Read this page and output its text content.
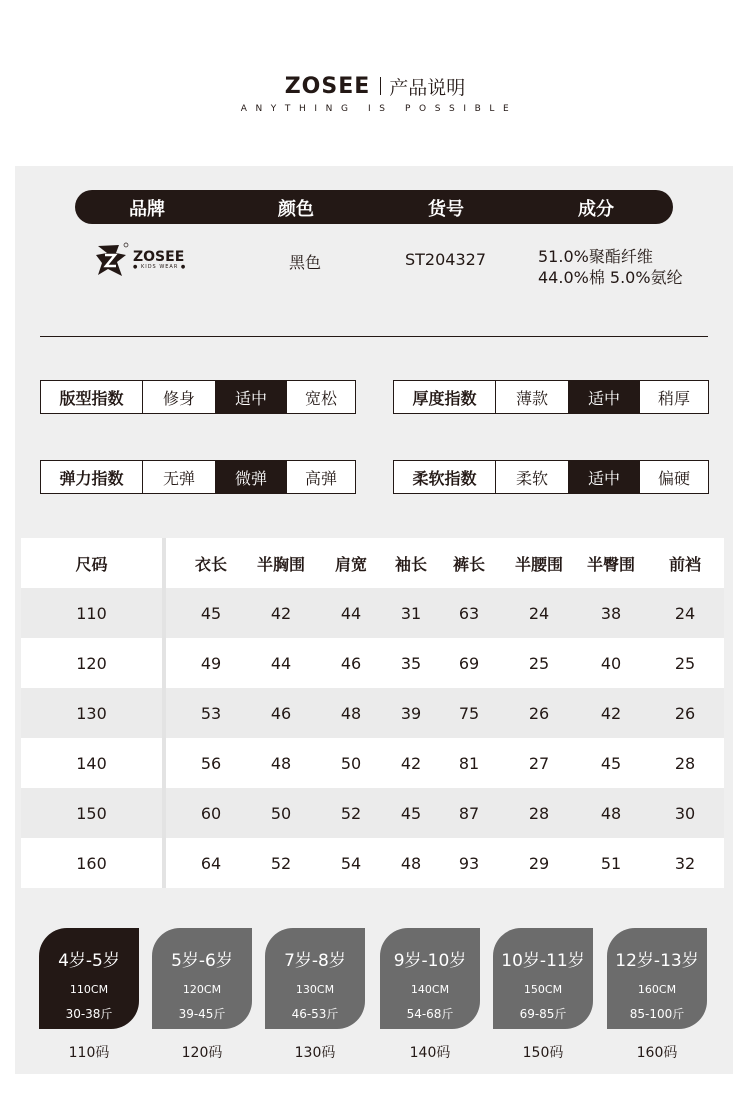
ZOSEE 产品说明
ANYTHING IS POSSIBLE
品牌	颜色	货号	成分
ZOSEE
● KIDS WEAR ●	黑色	ST204327	51.0%聚酯纤维
44.0%棉 5.0%氨纶
版型指数	修身	适中	宽松	厚度指数	薄款	适中	稍厚
弹力指数	无弹	微弹	高弹	柔软指数	柔软	适中	偏硬
尺码	衣长	半胸围	肩宽	袖长	裤长	半腰围	半臀围	前裆
110	45	42	44	31	63	24	38	24
120	49	44	46	35	69	25	40	25
130	53	46	48	39	75	26	42	26
140	56	48	50	42	81	27	45	28
150	60	50	52	45	87	28	48	30
160	64	52	54	48	93	29	51	32
4岁-5岁
110CM
30-38斤
110码
5岁-6岁
120CM
39-45斤
120码
7岁-8岁
130CM
46-53斤
130码
9岁-10岁
140CM
54-68斤
140码
10岁-11岁
150CM
69-85斤
150码
12岁-13岁
160CM
85-100斤
160码
